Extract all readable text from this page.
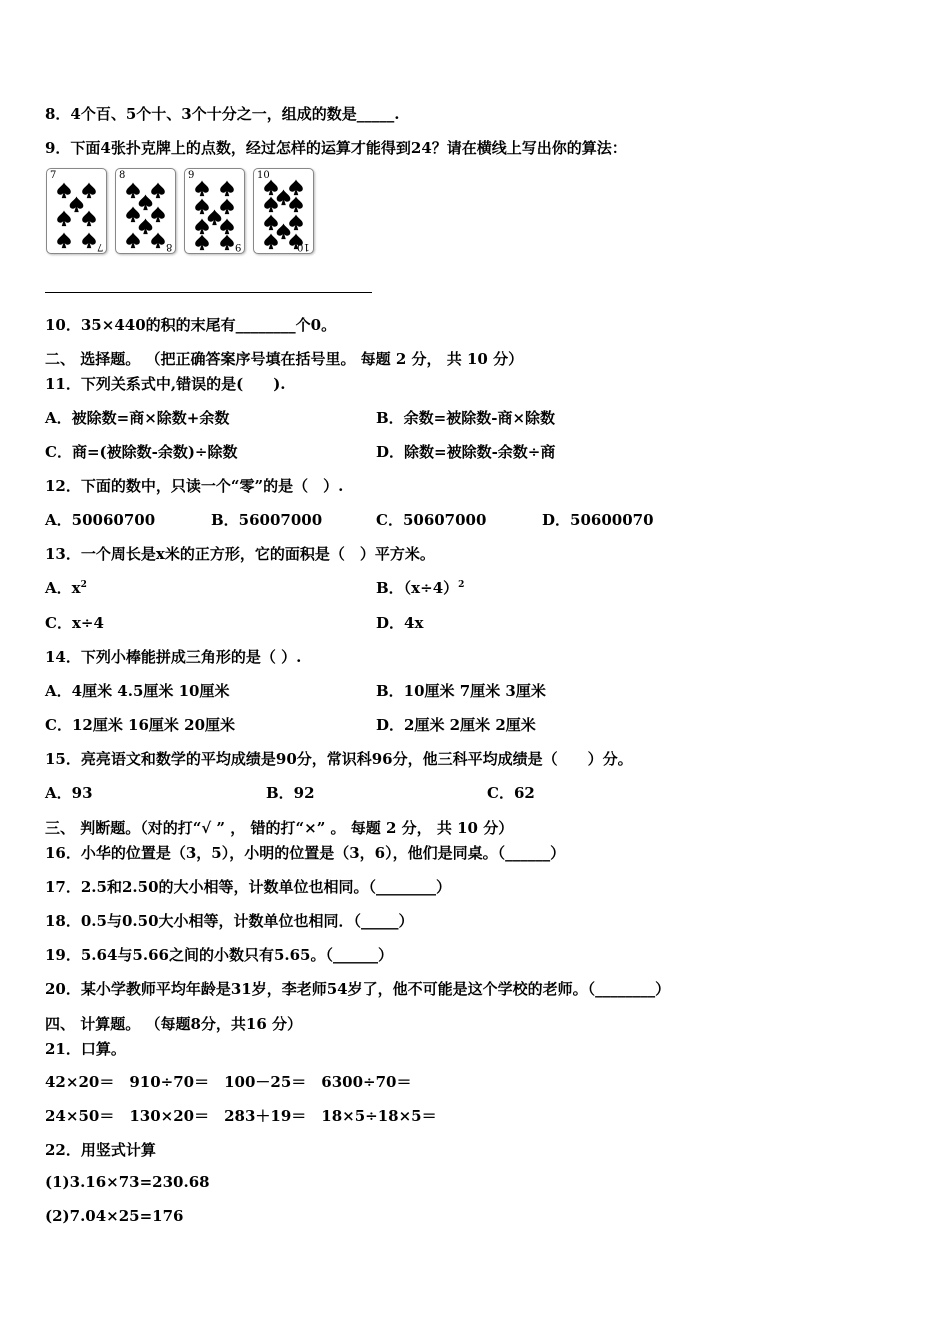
8．4个百、5个十、3个十分之一，组成的数是_____.
9．下面4张扑克牌上的点数，经过怎样的运算才能得到24？请在横线上写出你的算法：
7
7
8
8
9
9
10
10
10．35×440的积的末尾有________个0。
二、 选择题。 （把正确答案序号填在括号里。 每题 2 分， 共 10 分）
11．下列关系式中,错误的是(　　).
A．被除数=商×除数+余数	B．余数=被除数-商×除数
C．商=(被除数-余数)÷除数	D．除数=被除数-余数÷商
12．下面的数中，只读一个“零”的是（　）.
A．50060700	B．56007000	C．50607000	D．50600070
13．一个周长是x米的正方形，它的面积是（　）平方米。
A．$x^2$	B．$(x\div 4)^2$
C．x÷4	D．4x
14．下列小棒能拼成三角形的是（ ）.
A．4厘米 4.5厘米 10厘米	B．10厘米 7厘米 3厘米
C．12厘米 16厘米 20厘米	D．2厘米 2厘米 2厘米
15．亮亮语文和数学的平均成绩是90分，常识科96分，他三科平均成绩是（　　）分。
A．93	B．92	C．62
三、 判断题。（对的打“√ ” ， 错的打“×” 。 每题 2 分， 共 10 分）
16．小华的位置是（3，5），小明的位置是（3，6），他们是同桌。（______）
17．2.5和2.50的大小相等，计数单位也相同。（________）
18．0.5与0.50大小相等，计数单位也相同．（_____）
19．5.64与5.66之间的小数只有5.65。（______）
20．某小学教师平均年龄是31岁，李老师54岁了，他不可能是这个学校的老师。（________）
四、 计算题。 （每题8分，共16 分）
21．口算。
42×20＝　910÷70＝　100－25＝　6300÷70＝
24×50＝　130×20＝　283＋19＝　18×5÷18×5＝
22．用竖式计算
(1)3.16×73=230.68
(2)7.04×25=176
